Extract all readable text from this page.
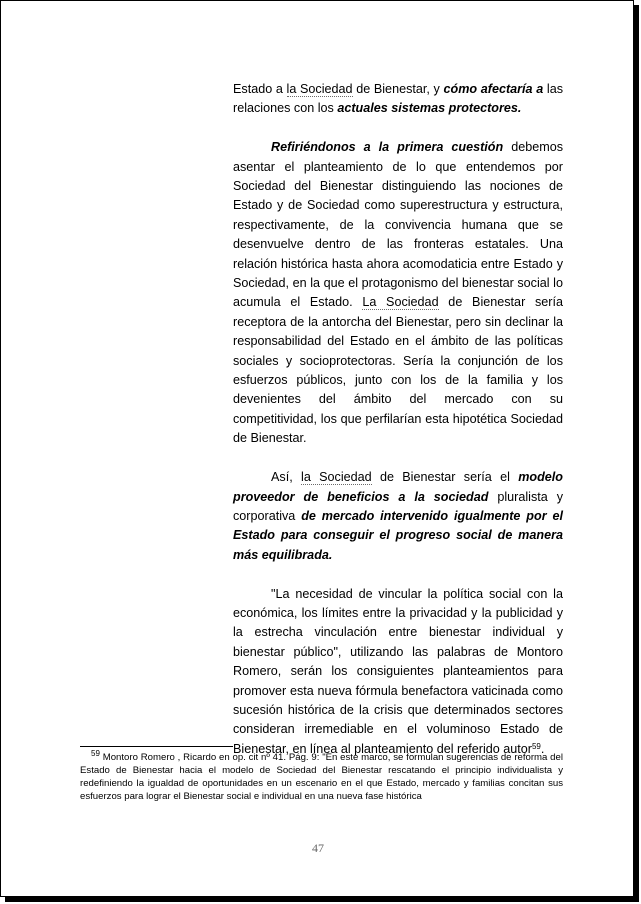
Estado a la Sociedad de Bienestar, y cómo afectaría a las relaciones con los actuales sistemas protectores.

Refiriéndonos a la primera cuestión debemos asentar el planteamiento de lo que entendemos por Sociedad del Bienestar distinguiendo las nociones de Estado y de Sociedad como superestructura y estructura, respectivamente, de la convivencia humana que se desenvuelve dentro de las fronteras estatales. Una relación histórica hasta ahora acomodaticia entre Estado y Sociedad, en la que el protagonismo del bienestar social lo acumula el Estado. La Sociedad de Bienestar sería receptora de la antorcha del Bienestar, pero sin declinar la responsabilidad del Estado en el ámbito de las políticas sociales y socioprotectoras. Sería la conjunción de los esfuerzos públicos, junto con los de la familia y los devenientes del ámbito del mercado con su competitividad, los que perfilarían esta hipotética Sociedad de Bienestar.

Así, la Sociedad de Bienestar sería el modelo proveedor de beneficios a la sociedad pluralista y corporativa de mercado intervenido igualmente por el Estado para conseguir el progreso social de manera más equilibrada.

"La necesidad de vincular la política social con la económica, los límites entre la privacidad y la publicidad y la estrecha vinculación entre bienestar individual y bienestar público", utilizando las palabras de Montoro Romero, serán los consiguientes planteamientos para promover esta nueva fórmula benefactora vaticinada como sucesión histórica de la crisis que determinados sectores consideran irremediable en el voluminoso Estado de Bienestar, en línea al planteamiento del referido autor$^{59}$.

$^{59}$ Montoro Romero , Ricardo en op. cit nº 41. Pág. 9: "En este marco, se formulan sugerencias de reforma del Estado de Bienestar hacia el modelo de Sociedad del Bienestar rescatando el principio individualista y redefiniendo la igualdad de oportunidades en un escenario en el que Estado, mercado y familias concitan sus esfuerzos para lograr el Bienestar social e individual en una nueva fase histórica

47
